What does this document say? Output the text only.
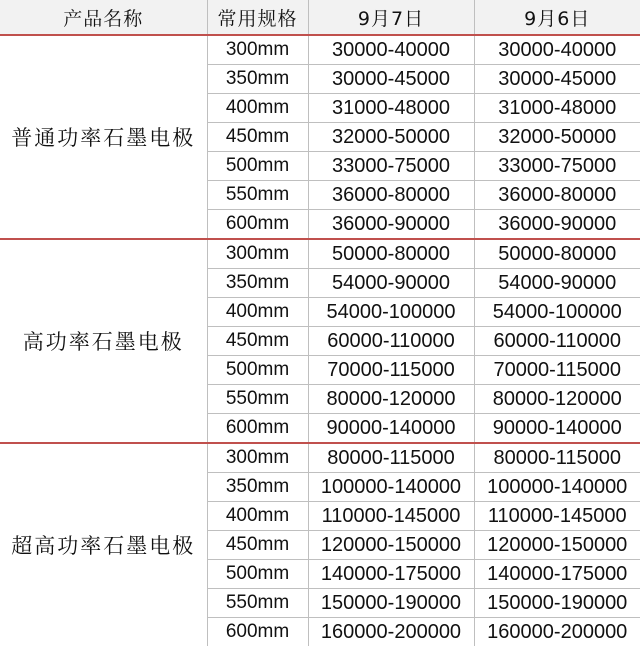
产品名称	常用规格	9月7日	9月6日
普通功率石墨电极	300mm	30000-40000	30000-40000
	350mm	30000-45000	30000-45000
	400mm	31000-48000	31000-48000
	450mm	32000-50000	32000-50000
	500mm	33000-75000	33000-75000
	550mm	36000-80000	36000-80000
	600mm	36000-90000	36000-90000
高功率石墨电极	300mm	50000-80000	50000-80000
	350mm	54000-90000	54000-90000
	400mm	54000-100000	54000-100000
	450mm	60000-110000	60000-110000
	500mm	70000-115000	70000-115000
	550mm	80000-120000	80000-120000
	600mm	90000-140000	90000-140000
超高功率石墨电极	300mm	80000-115000	80000-115000
	350mm	100000-140000	100000-140000
	400mm	110000-145000	110000-145000
	450mm	120000-150000	120000-150000
	500mm	140000-175000	140000-175000
	550mm	150000-190000	150000-190000
	600mm	160000-200000	160000-200000
